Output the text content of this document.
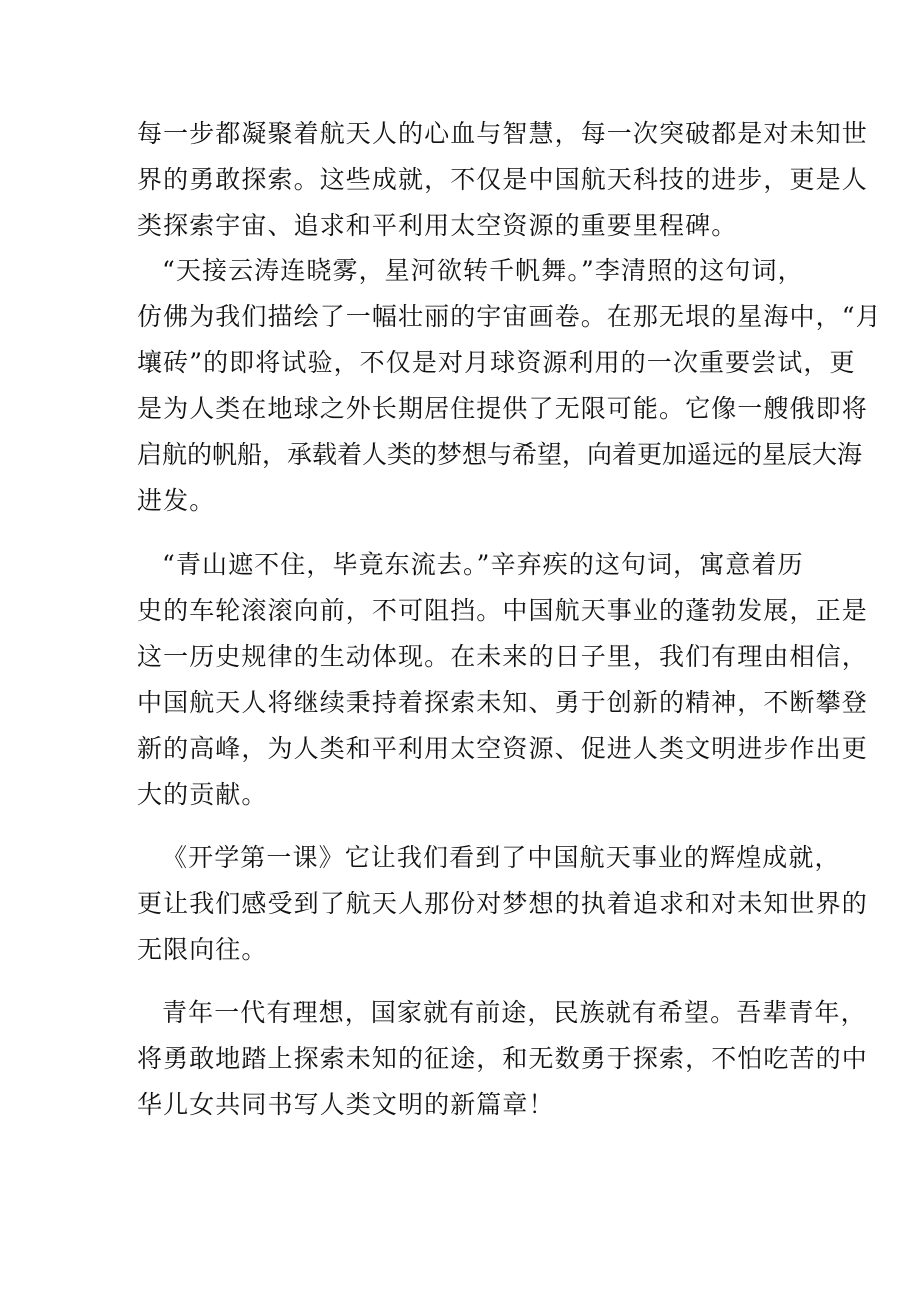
每一步都凝聚着航天人的心血与智慧，每一次突破都是对未知世

界的勇敢探索。这些成就，不仅是中国航天科技的进步，更是人

类探索宇宙、追求和平利用太空资源的重要里程碑。

“天接云涛连晓雾，星河欲转千帆舞。”李清照的这句词，

仿佛为我们描绘了一幅壮丽的宇宙画卷。在那无垠的星海中，“月

壤砖”的即将试验，不仅是对月球资源利用的一次重要尝试，更

是为人类在地球之外长期居住提供了无限可能。它像一艘俄即将

启航的帆船，承载着人类的梦想与希望，向着更加遥远的星辰大海

进发。

“青山遮不住，毕竟东流去。”辛弃疾的这句词，寓意着历

史的车轮滚滚向前，不可阻挡。中国航天事业的蓬勃发展，正是

这一历史规律的生动体现。在未来的日子里，我们有理由相信，

中国航天人将继续秉持着探索未知、勇于创新的精神，不断攀登

新的高峰，为人类和平利用太空资源、促进人类文明进步作出更

大的贡献。

《开学第一课》它让我们看到了中国航天事业的辉煌成就，

更让我们感受到了航天人那份对梦想的执着追求和对未知世界的

无限向往。

青年一代有理想，国家就有前途，民族就有希望。吾辈青年，

将勇敢地踏上探索未知的征途，和无数勇于探索，不怕吃苦的中

华儿女共同书写人类文明的新篇章！
